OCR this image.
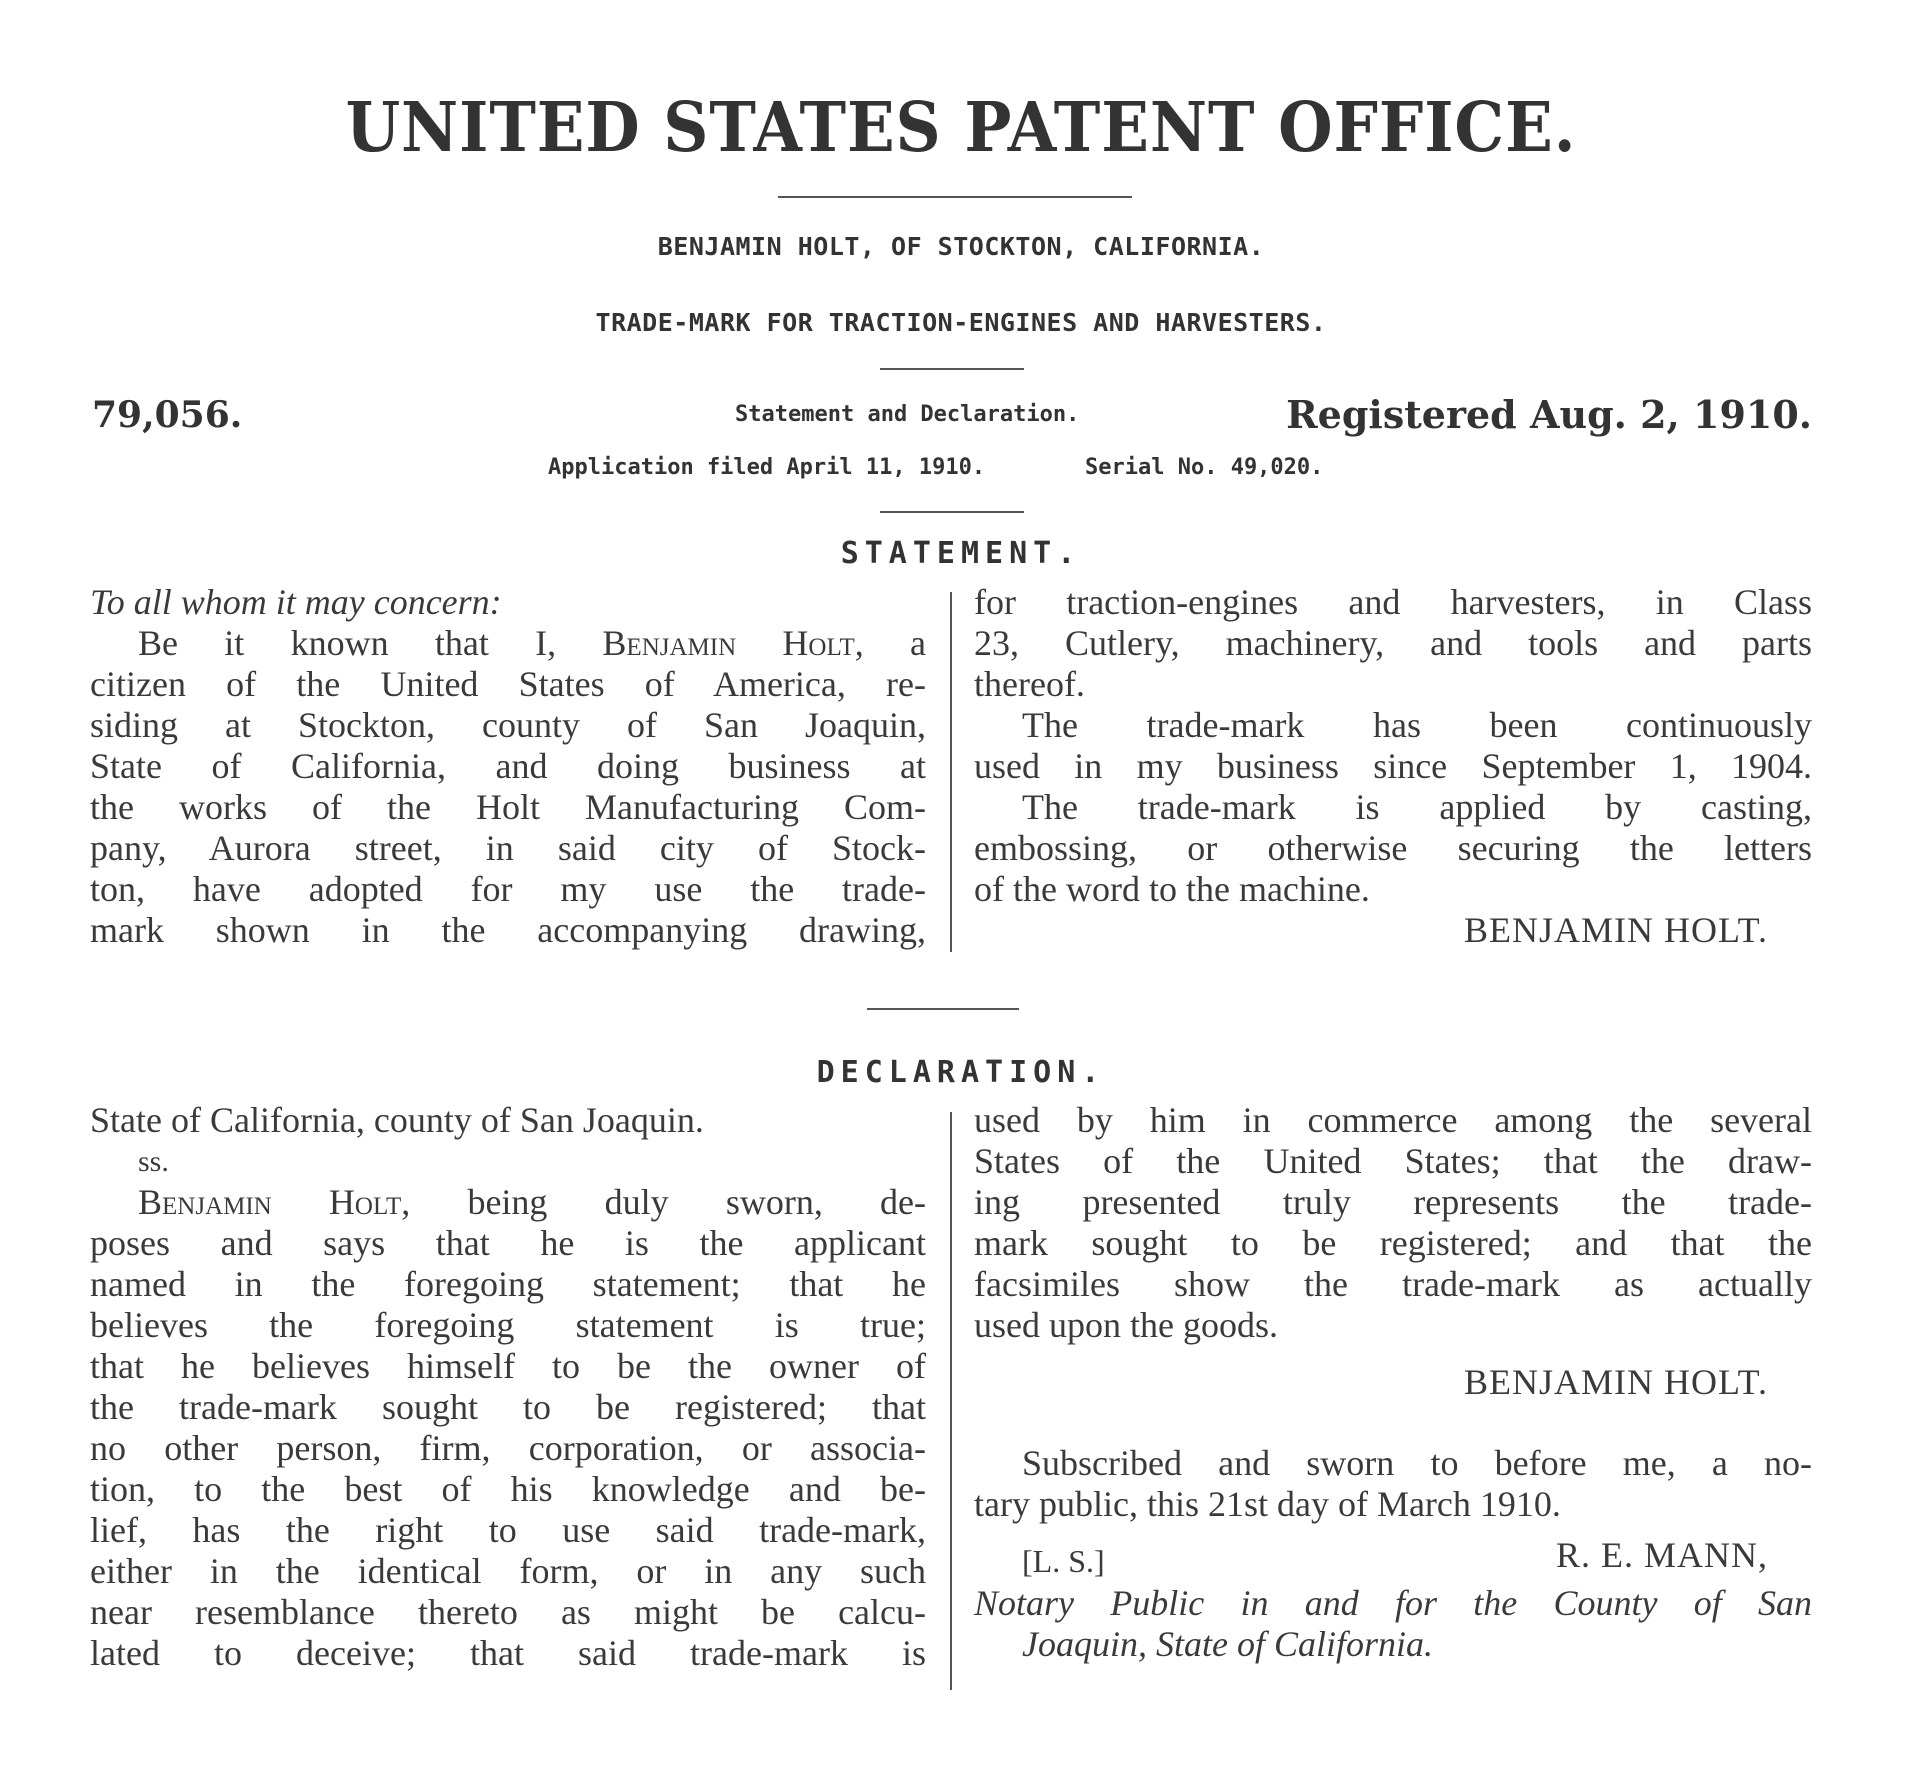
UNITED STATES PATENT OFFICE.
BENJAMIN HOLT, OF STOCKTON, CALIFORNIA.
TRADE-MARK FOR TRACTION-ENGINES AND HARVESTERS.
79,056.	Statement and Declaration.	Registered Aug. 2, 1910.
Application filed April 11, 1910.	Serial No. 49,020.
STATEMENT.
To all whom it may concern:
Be it known that I, Benjamin Holt, a
citizen of the United States of America, re-
siding at Stockton, county of San Joaquin,
State of California, and doing business at
the works of the Holt Manufacturing Com-
pany, Aurora street, in said city of Stock-
ton, have adopted for my use the trade-
mark shown in the accompanying drawing,
for traction-engines and harvesters, in Class
23, Cutlery, machinery, and tools and parts
thereof.
The trade-mark has been continuously
used in my business since September 1, 1904.
The trade-mark is applied by casting,
embossing, or otherwise securing the letters
of the word to the machine.
BENJAMIN HOLT.
DECLARATION.
State of California, county of San Joaquin.
ss.
Benjamin Holt, being duly sworn, de-
poses and says that he is the applicant
named in the foregoing statement; that he
believes the foregoing statement is true;
that he believes himself to be the owner of
the trade-mark sought to be registered; that
no other person, firm, corporation, or associa-
tion, to the best of his knowledge and be-
lief, has the right to use said trade-mark,
either in the identical form, or in any such
near resemblance thereto as might be calcu-
lated to deceive; that said trade-mark is
used by him in commerce among the several
States of the United States; that the draw-
ing presented truly represents the trade-
mark sought to be registered; and that the
facsimiles show the trade-mark as actually
used upon the goods.
BENJAMIN HOLT.
Subscribed and sworn to before me, a no-
tary public, this 21st day of March 1910.
[L. S.]	R. E. MANN,
Notary Public in and for the County of San
Joaquin, State of California.
